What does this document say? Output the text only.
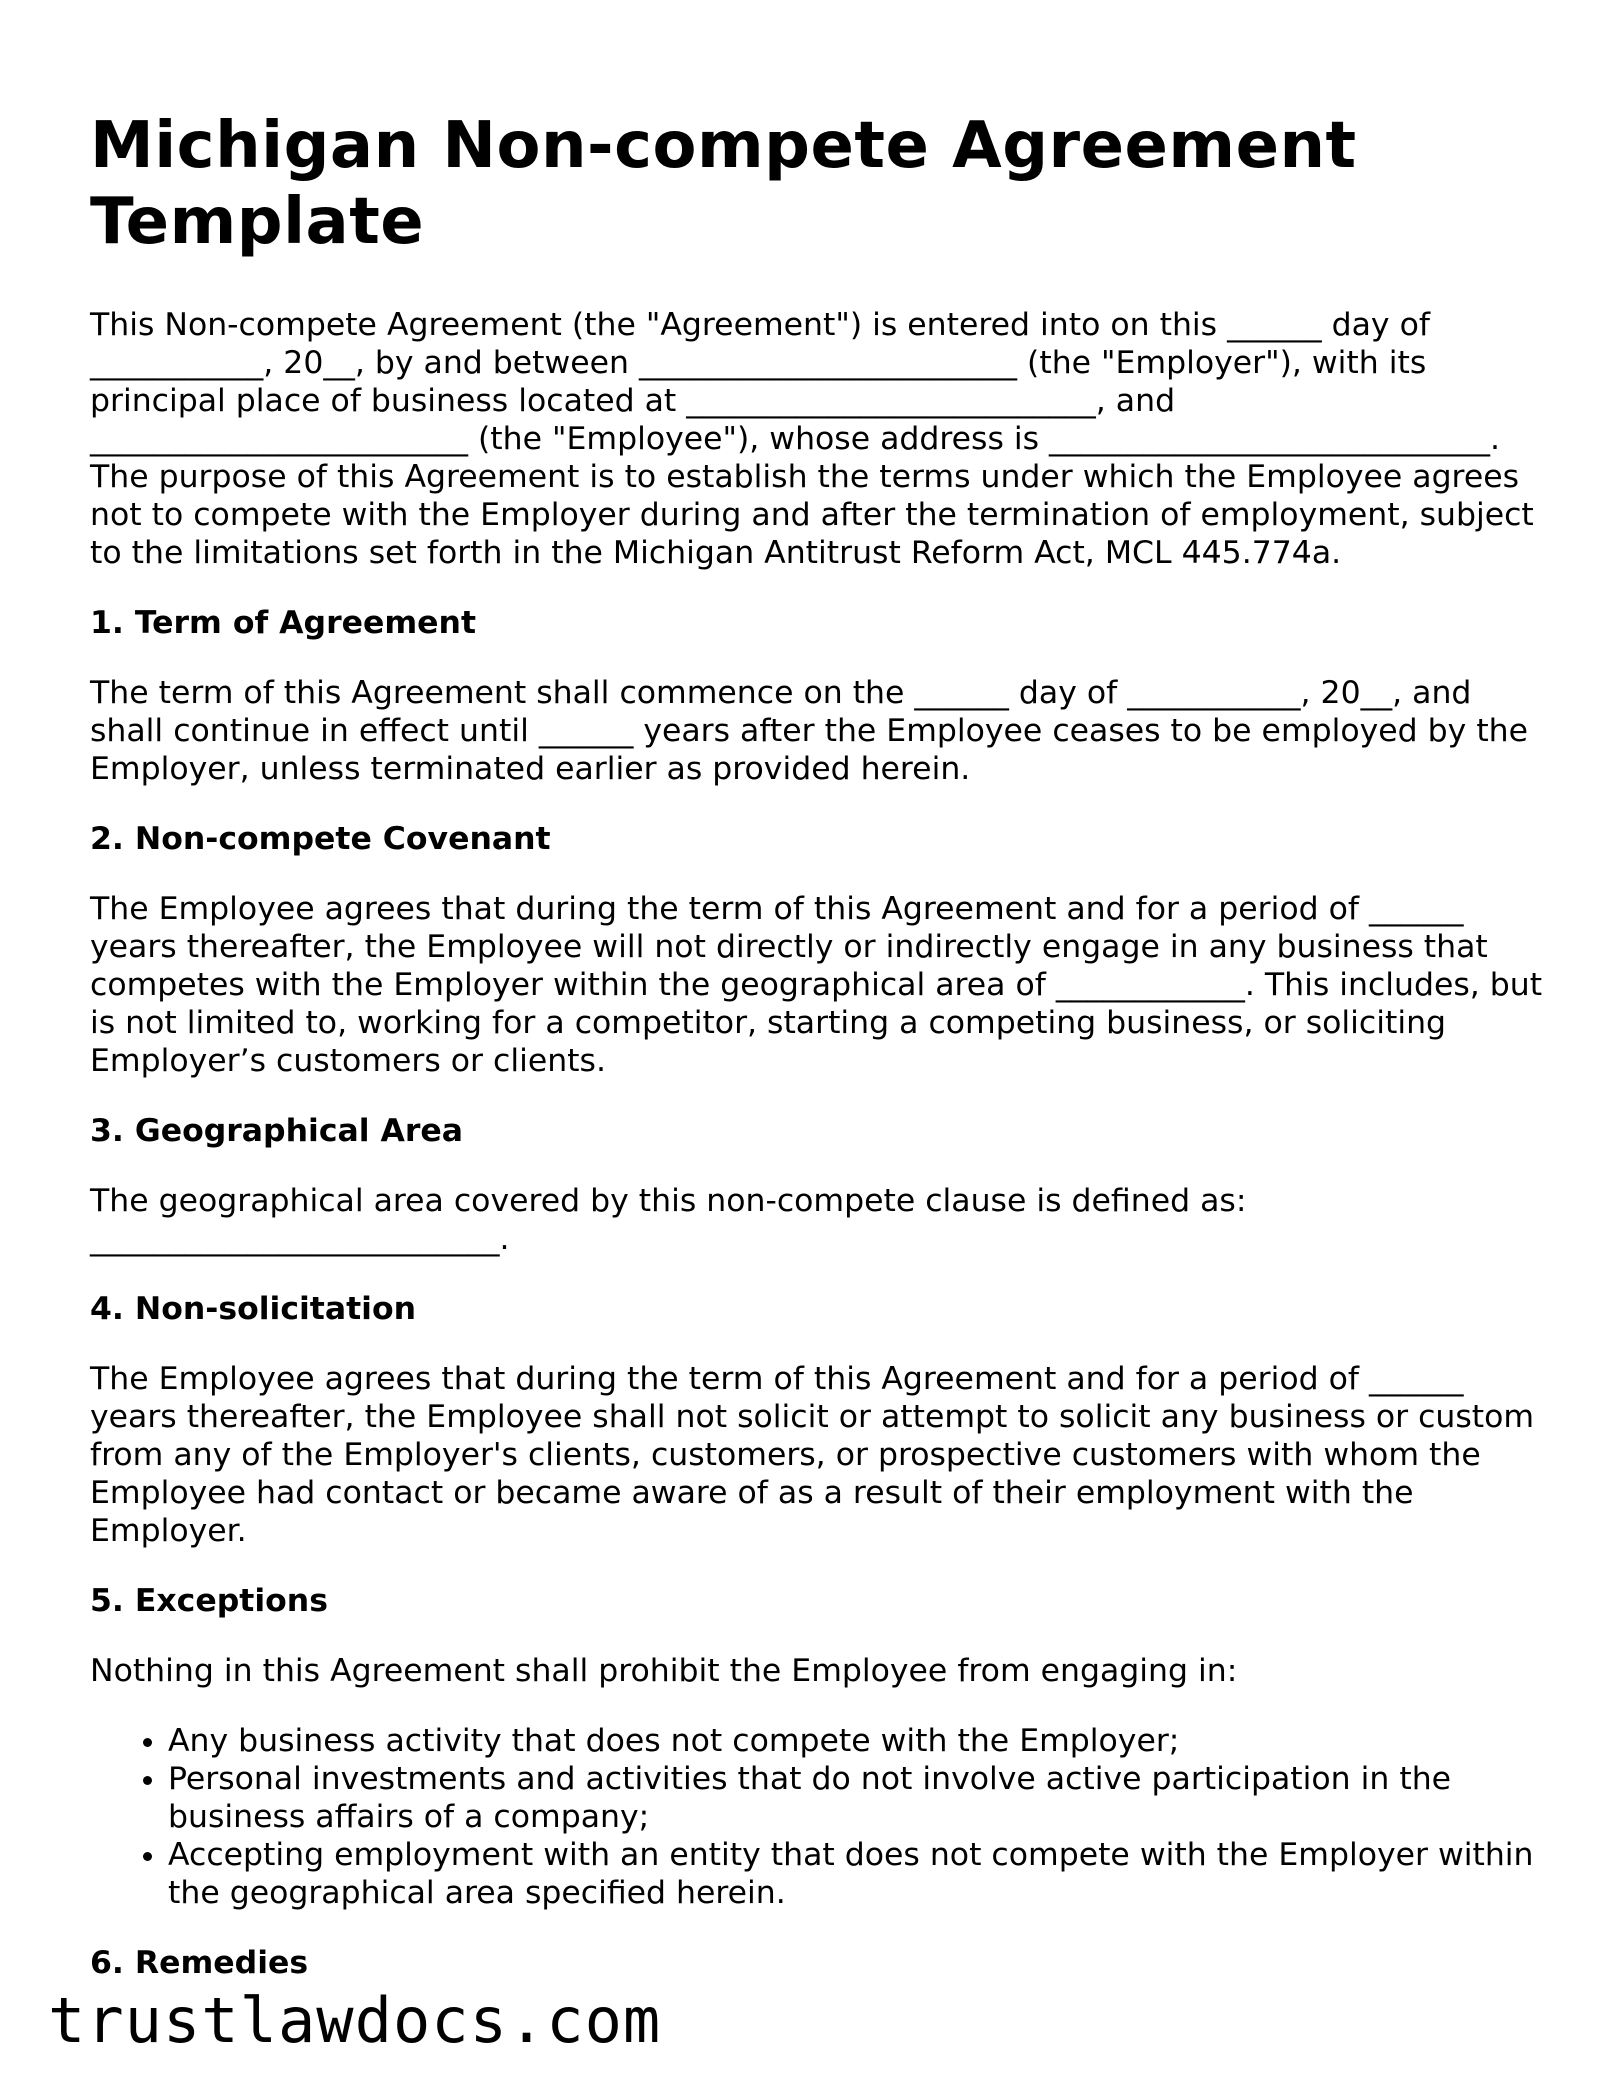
Michigan Non-compete Agreement Template

This Non-compete Agreement (the "Agreement") is entered into on this ______ day of ___________, 20__, by and between ________________________ (the "Employer"), with its principal place of business located at __________________________, and ________________________ (the "Employee"), whose address is ____________________________. The purpose of this Agreement is to establish the terms under which the Employee agrees not to compete with the Employer during and after the termination of employment, subject to the limitations set forth in the Michigan Antitrust Reform Act, MCL 445.774a.

1. Term of Agreement

The term of this Agreement shall commence on the ______ day of ___________, 20__, and shall continue in effect until ______ years after the Employee ceases to be employed by the Employer, unless terminated earlier as provided herein.

2. Non-compete Covenant

The Employee agrees that during the term of this Agreement and for a period of ______ years thereafter, the Employee will not directly or indirectly engage in any business that competes with the Employer within the geographical area of ____________. This includes, but is not limited to, working for a competitor, starting a competing business, or soliciting Employer’s customers or clients.

3. Geographical Area

The geographical area covered by this non-compete clause is defined as: __________________________.

4. Non-solicitation

The Employee agrees that during the term of this Agreement and for a period of ______ years thereafter, the Employee shall not solicit or attempt to solicit any business or custom from any of the Employer's clients, customers, or prospective customers with whom the Employee had contact or became aware of as a result of their employment with the Employer.

5. Exceptions

Nothing in this Agreement shall prohibit the Employee from engaging in:

• Any business activity that does not compete with the Employer;
• Personal investments and activities that do not involve active participation in the business affairs of a company;
• Accepting employment with an entity that does not compete with the Employer within the geographical area specified herein.
6. Remedies
trustlawdocs.com
